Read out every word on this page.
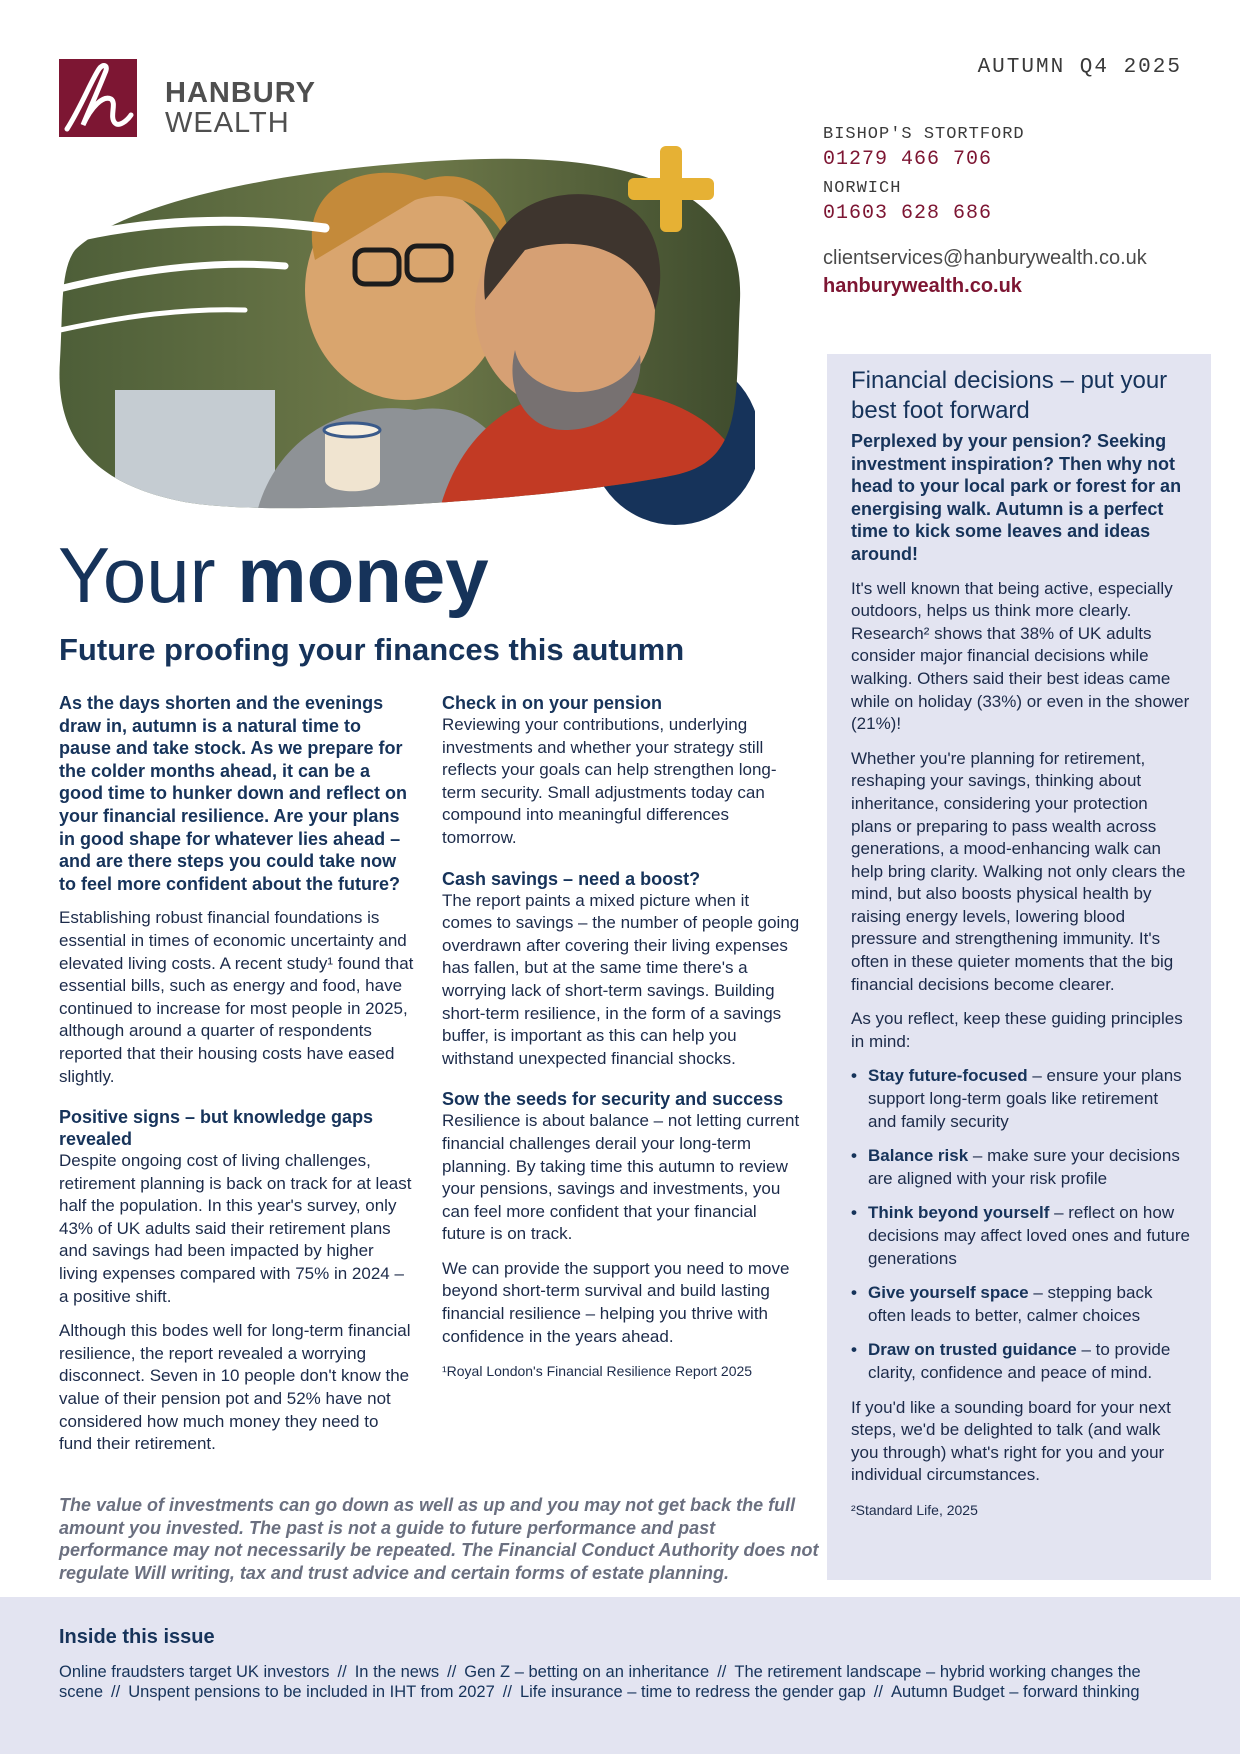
HANBURY
WEALTH
AUTUMN Q4 2025
BISHOP'S STORTFORD
01279 466 706
NORWICH
01603 628 686
clientservices@hanburywealth.co.uk
hanburywealth.co.uk
Your money
Future proofing your finances this autumn

As the days shorten and the evenings draw in, autumn is a natural time to pause and take stock. As we prepare for the colder months ahead, it can be a good time to hunker down and reflect on your financial resilience. Are your plans in good shape for whatever lies ahead – and are there steps you could take now to feel more confident about the future?

Establishing robust financial foundations is essential in times of economic uncertainty and elevated living costs. A recent study¹ found that essential bills, such as energy and food, have continued to increase for most people in 2025, although around a quarter of respondents reported that their housing costs have eased slightly.

Positive signs – but knowledge gaps revealed

Despite ongoing cost of living challenges, retirement planning is back on track for at least half the population. In this year's survey, only 43% of UK adults said their retirement plans and savings had been impacted by higher living expenses compared with 75% in 2024 – a positive shift.

Although this bodes well for long-term financial resilience, the report revealed a worrying disconnect. Seven in 10 people don't know the value of their pension pot and 52% have not considered how much money they need to fund their retirement.

Check in on your pension

Reviewing your contributions, underlying investments and whether your strategy still reflects your goals can help strengthen long-term security. Small adjustments today can compound into meaningful differences tomorrow.

Cash savings – need a boost?

The report paints a mixed picture when it comes to savings – the number of people going overdrawn after covering their living expenses has fallen, but at the same time there's a worrying lack of short-term savings. Building short-term resilience, in the form of a savings buffer, is important as this can help you withstand unexpected financial shocks.

Sow the seeds for security and success

Resilience is about balance – not letting current financial challenges derail your long-term planning. By taking time this autumn to review your pensions, savings and investments, you can feel more confident that your financial future is on track.

We can provide the support you need to move beyond short-term survival and build lasting financial resilience – helping you thrive with confidence in the years ahead.

¹Royal London's Financial Resilience Report 2025

The value of investments can go down as well as up and you may not get back the full amount you invested. The past is not a guide to future performance and past performance may not necessarily be repeated. The Financial Conduct Authority does not regulate Will writing, tax and trust advice and certain forms of estate planning.
Financial decisions – put your best foot forward

Perplexed by your pension? Seeking investment inspiration? Then why not head to your local park or forest for an energising walk. Autumn is a perfect time to kick some leaves and ideas around!

It's well known that being active, especially outdoors, helps us think more clearly. Research² shows that 38% of UK adults consider major financial decisions while walking. Others said their best ideas came while on holiday (33%) or even in the shower (21%)!

Whether you're planning for retirement, reshaping your savings, thinking about inheritance, considering your protection plans or preparing to pass wealth across generations, a mood-enhancing walk can help bring clarity. Walking not only clears the mind, but also boosts physical health by raising energy levels, lowering blood pressure and strengthening immunity. It's often in these quieter moments that the big financial decisions become clearer.

As you reflect, keep these guiding principles in mind:

• Stay future-focused – ensure your plans support long-term goals like retirement and family security
• Balance risk – make sure your decisions are aligned with your risk profile
• Think beyond yourself – reflect on how decisions may affect loved ones and future generations
• Give yourself space – stepping back often leads to better, calmer choices
• Draw on trusted guidance – to provide clarity, confidence and peace of mind.

If you'd like a sounding board for your next steps, we'd be delighted to talk (and walk you through) what's right for you and your individual circumstances.

²Standard Life, 2025
Inside this issue
Online fraudsters target UK investors // In the news // Gen Z – betting on an inheritance // The retirement landscape – hybrid working changes the scene // Unspent pensions to be included in IHT from 2027 // Life insurance – time to redress the gender gap // Autumn Budget – forward thinking
